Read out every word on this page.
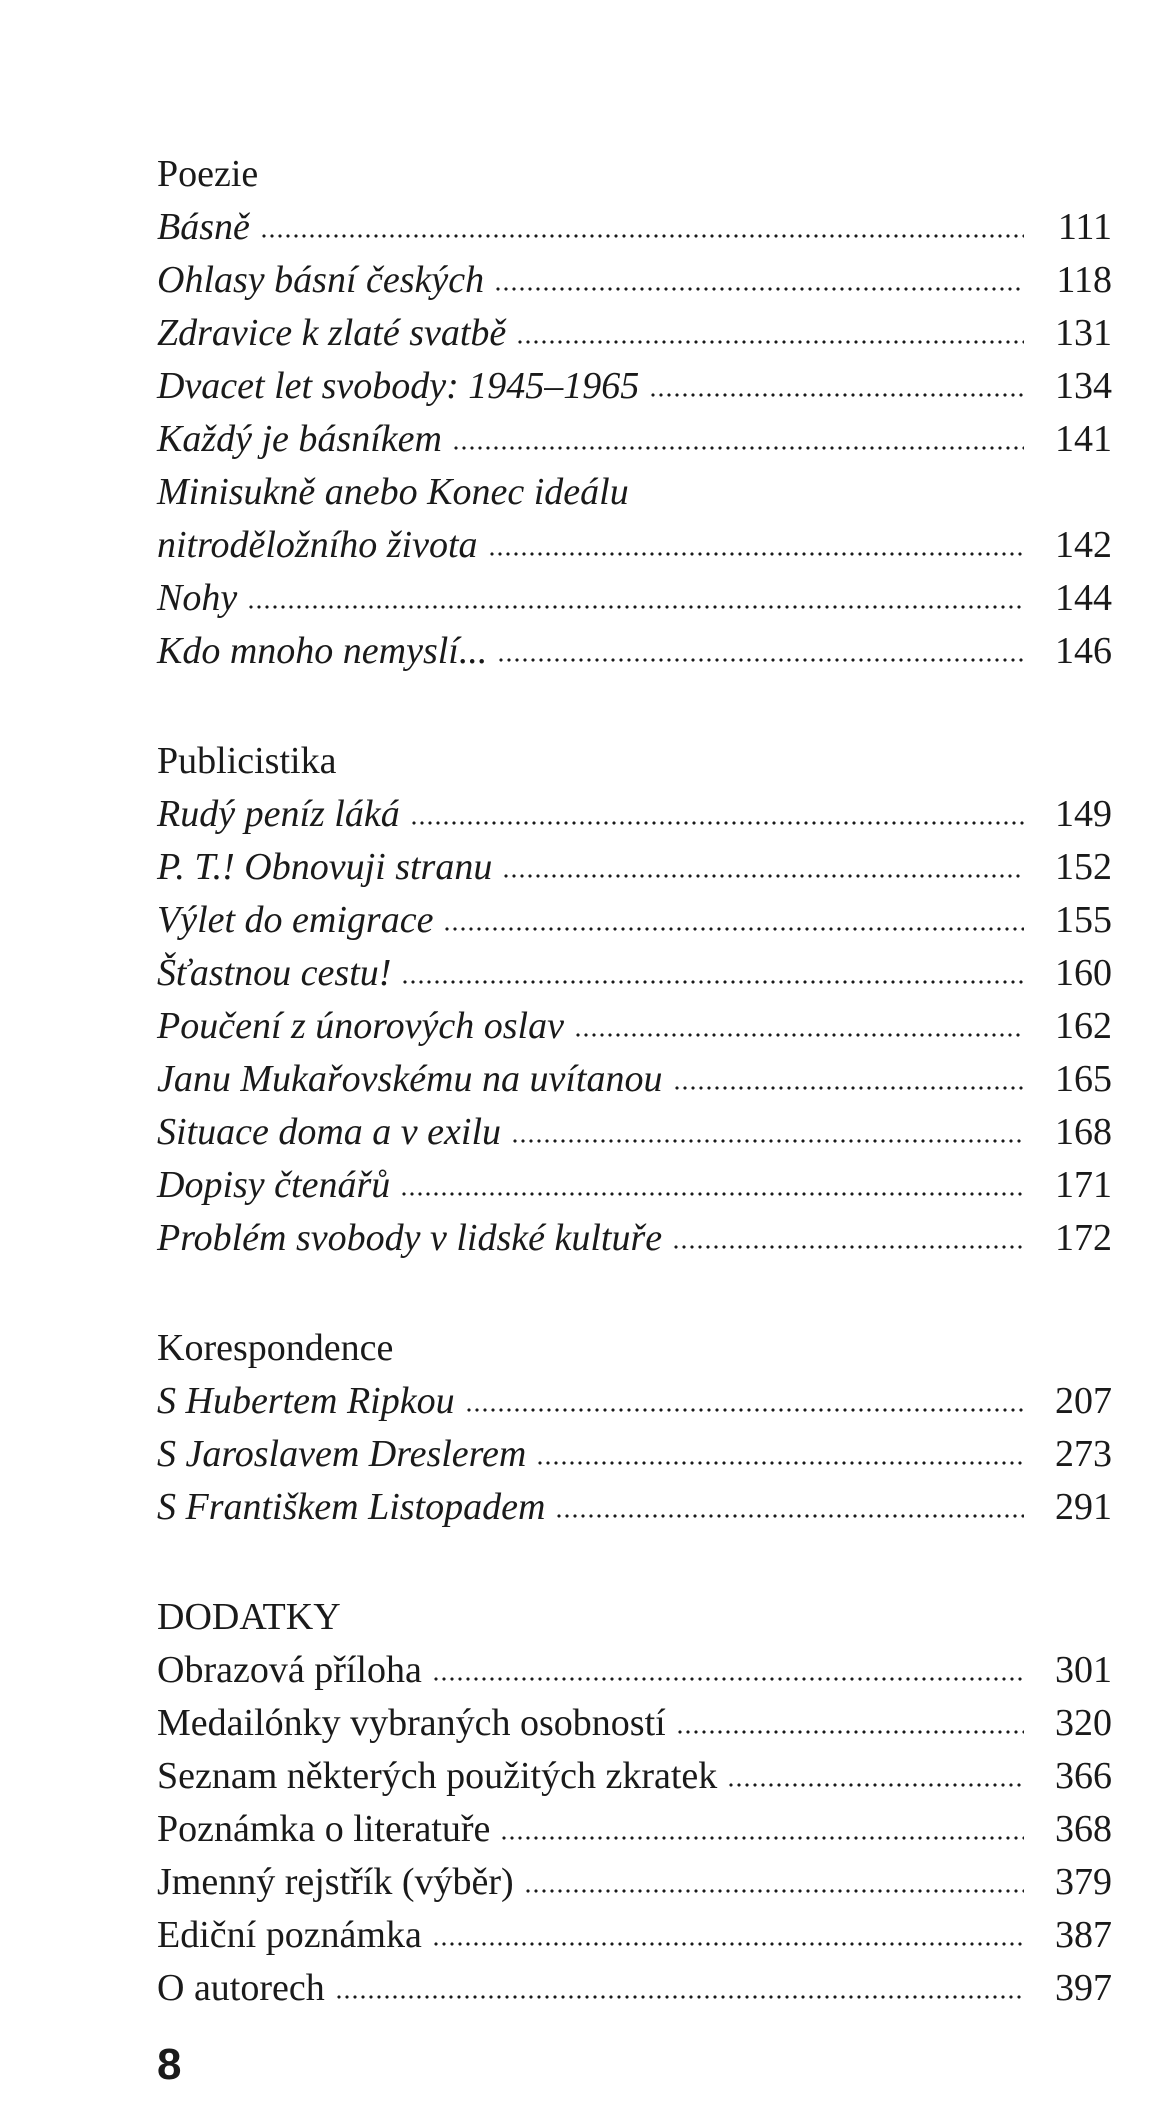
Poezie
Básně	111
Ohlasy básní českých	118
Zdravice k zlaté svatbě	131
Dvacet let svobody: 1945–1965	134
Každý je básníkem	141
Minisukně anebo Konec ideálu
nitroděložního života	142
Nohy	144
Kdo mnoho nemyslí...	146
Publicistika
Rudý peníz láká	149
P. T.! Obnovuji stranu	152
Výlet do emigrace	155
Šťastnou cestu!	160
Poučení z únorových oslav	162
Janu Mukařovskému na uvítanou	165
Situace doma a v exilu	168
Dopisy čtenářů	171
Problém svobody v lidské kultuře	172
Korespondence
S Hubertem Ripkou	207
S Jaroslavem Dreslerem	273
S Františkem Listopadem	291
DODATKY
Obrazová příloha	301
Medailónky vybraných osobností	320
Seznam některých použitých zkratek	366
Poznámka o literatuře	368
Jmenný rejstřík (výběr)	379
Ediční poznámka	387
O autorech	397
8
